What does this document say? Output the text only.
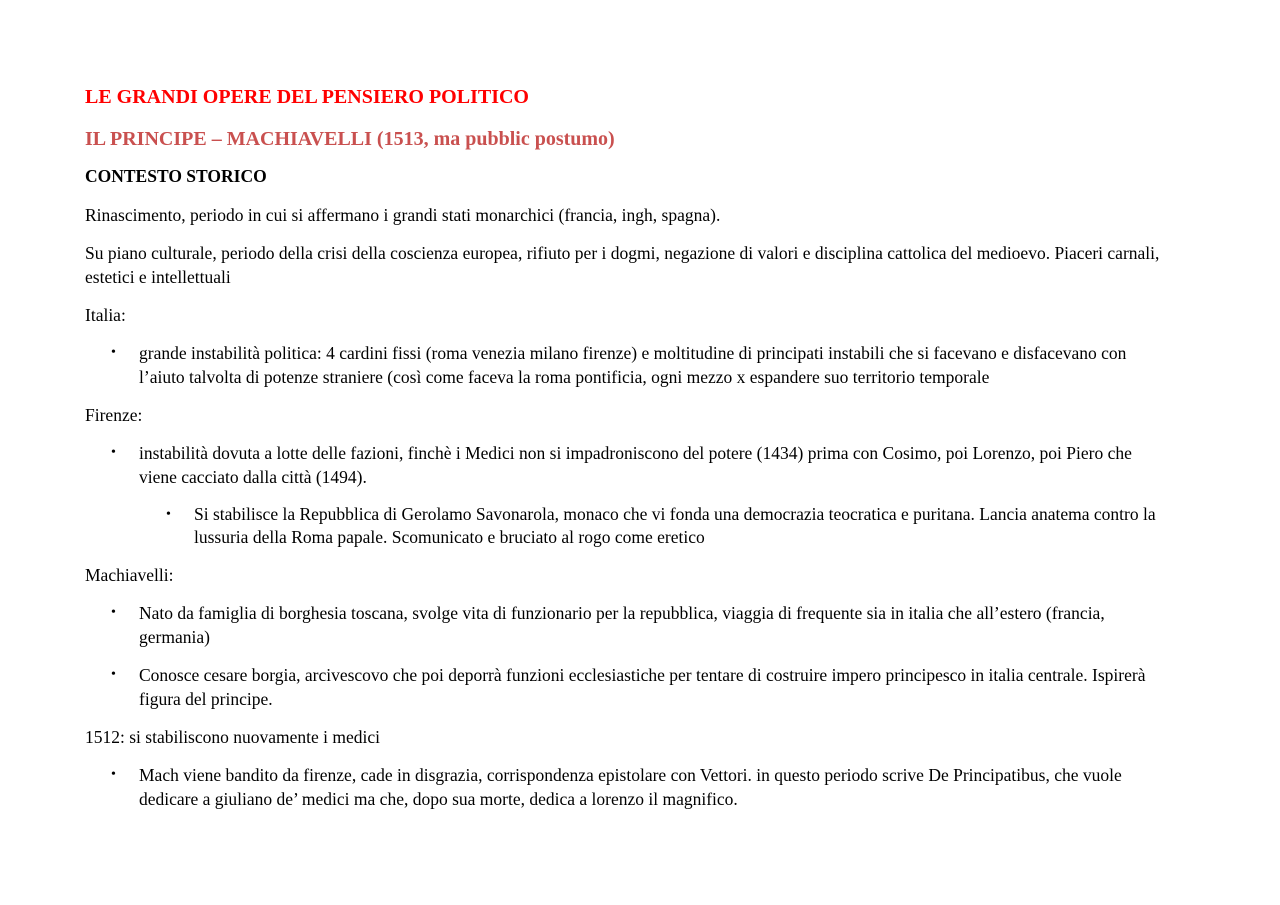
LE GRANDI OPERE DEL PENSIERO POLITICO
IL PRINCIPE – MACHIAVELLI (1513, ma pubblic postumo)
CONTESTO STORICO
Rinascimento, periodo in cui si affermano i grandi stati monarchici (francia, ingh, spagna).
Su piano culturale, periodo della crisi della coscienza europea, rifiuto per i dogmi, negazione di valori e disciplina cattolica del medioevo. Piaceri carnali, estetici e intellettuali
Italia:
• grande instabilità politica: 4 cardini fissi (roma venezia milano firenze) e moltitudine di principati instabili che si facevano e disfacevano con l’aiuto talvolta di potenze straniere (così come faceva la roma pontificia, ogni mezzo x espandere suo territorio temporale
Firenze:
• instabilità dovuta a lotte delle fazioni, finchè i Medici non si impadroniscono del potere (1434) prima con Cosimo, poi Lorenzo, poi Piero che viene cacciato dalla città (1494).
• Si stabilisce la Repubblica di Gerolamo Savonarola, monaco che vi fonda una democrazia teocratica e puritana. Lancia anatema contro la lussuria della Roma papale. Scomunicato e bruciato al rogo come eretico
Machiavelli:
• Nato da famiglia di borghesia toscana, svolge vita di funzionario per la repubblica, viaggia di frequente sia in italia che all’estero (francia, germania)
• Conosce cesare borgia, arcivescovo che poi deporrà funzioni ecclesiastiche per tentare di costruire impero principesco in italia centrale. Ispirerà figura del principe.
1512: si stabiliscono nuovamente i medici
• Mach viene bandito da firenze, cade in disgrazia, corrispondenza epistolare con Vettori. in questo periodo scrive De Principatibus, che vuole dedicare a giuliano de’ medici ma che, dopo sua morte, dedica a lorenzo il magnifico.
